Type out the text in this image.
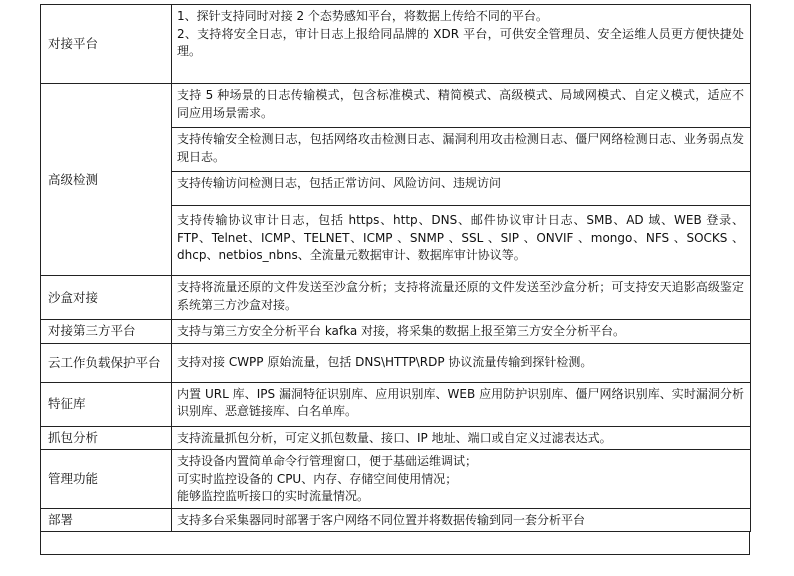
对接平台	1、探针支持同时对接 2 个态势感知平台，将数据上传给不同的平台。
2、支持将安全日志，审计日志上报给同品牌的 XDR 平台，可供安全管理员、安全运维人员更方便快捷处理。

高级检测	支持 5 种场景的日志传输模式，包含标准模式、精简模式、高级模式、局域网模式、自定义模式，适应不同应用场景需求。

	支持传输安全检测日志，包括网络攻击检测日志、漏洞利用攻击检测日志、僵尸网络检测日志、业务弱点发现日志。

	支持传输访问检测日志，包括正常访问、风险访问、违规访问

	支持传输协议审计日志，包括 https、http、DNS、邮件协议审计日志、SMB、AD 域、WEB 登录、FTP、Telnet、ICMP、TELNET、ICMP 、SNMP 、SSL 、SIP 、ONVIF 、mongo、NFS 、SOCKS 、dhcp、netbios_nbns、全流量元数据审计、数据库审计协议等。

沙盒对接	支持将流量还原的文件发送至沙盒分析；支持将流量还原的文件发送至沙盒分析；可支持安天追影高级鉴定系统第三方沙盒对接。

对接第三方平台	支持与第三方安全分析平台 kafka 对接，将采集的数据上报至第三方安全分析平台。

云工作负载保护平台	支持对接 CWPP 原始流量，包括 DNS\HTTP\RDP 协议流量传输到探针检测。

特征库	内置 URL 库、IPS 漏洞特征识别库、应用识别库、WEB 应用防护识别库、僵尸网络识别库、实时漏洞分析识别库、恶意链接库、白名单库。

抓包分析	支持流量抓包分析，可定义抓包数量、接口、IP 地址、端口或自定义过滤表达式。

管理功能	支持设备内置简单命令行管理窗口，便于基础运维调试；
可实时监控设备的 CPU、内存、存储空间使用情况；
能够监控监听接口的实时流量情况。

部署	支持多台采集器同时部署于客户网络不同位置并将数据传输到同一套分析平台
